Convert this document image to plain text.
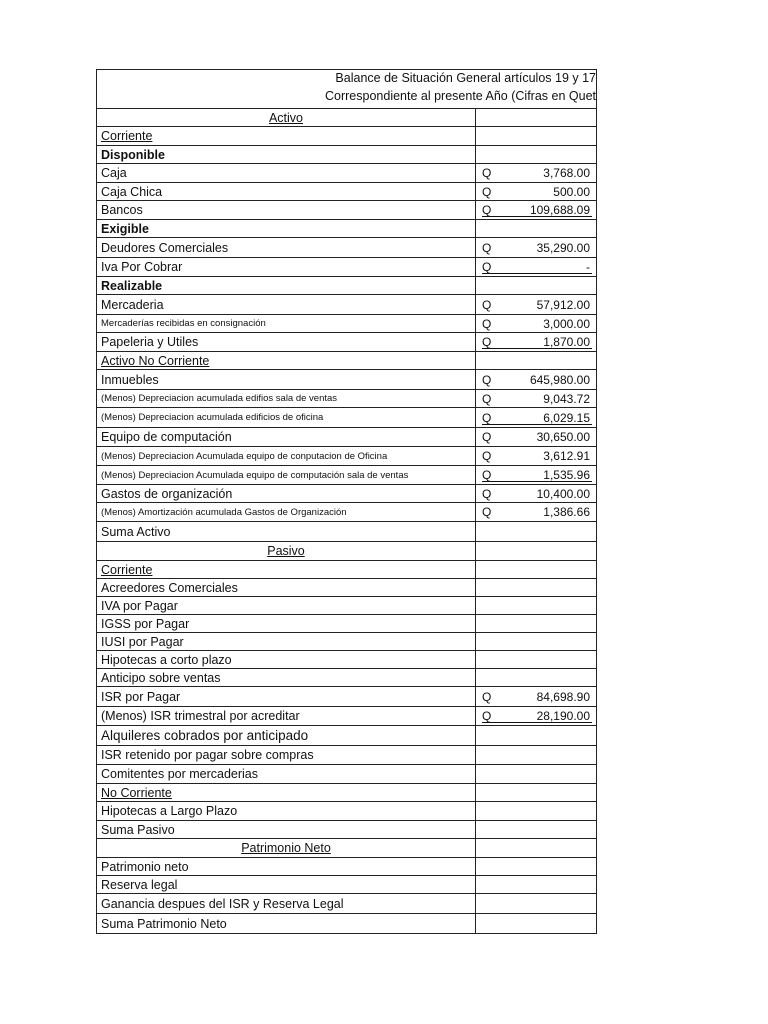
Balance de Situación General artículos 19 y 17
Correspondiente al presente Año (Cifras en Quet
Activo
Corriente
Disponible
Caja	Q	3,768.00
Caja Chica	Q	500.00
Bancos	Q	109,688.09
Exigible
Deudores Comerciales	Q	35,290.00
Iva Por Cobrar	Q	-
Realizable
Mercaderia	Q	57,912.00
Mercaderías recibidas en consignación	Q	3,000.00
Papeleria y Utiles	Q	1,870.00
Activo No Corriente
Inmuebles	Q	645,980.00
(Menos) Depreciacion acumulada edifios sala de ventas	Q	9,043.72
(Menos) Depreciacion acumulada edificios de oficina	Q	6,029.15
Equipo de computación	Q	30,650.00
(Menos) Depreciacion Acumulada equipo de conputacion de Oficina	Q	3,612.91
(Menos) Depreciacion Acumulada equipo de computación sala de ventas	Q	1,535.96
Gastos de organización	Q	10,400.00
(Menos) Amortización acumulada Gastos de Organización	Q	1,386.66
Suma Activo
Pasivo
Corriente
Acreedores Comerciales
IVA por Pagar
IGSS por Pagar
IUSI por Pagar
Hipotecas a corto plazo
Anticipo sobre ventas
ISR por Pagar	Q	84,698.90
(Menos) ISR trimestral por acreditar	Q	28,190.00
Alquileres cobrados por anticipado
ISR retenido por pagar sobre compras
Comitentes por mercaderias
No Corriente
Hipotecas a Largo Plazo
Suma Pasivo
Patrimonio Neto
Patrimonio neto
Reserva legal
Ganancia despues del ISR y Reserva Legal
Suma Patrimonio Neto
